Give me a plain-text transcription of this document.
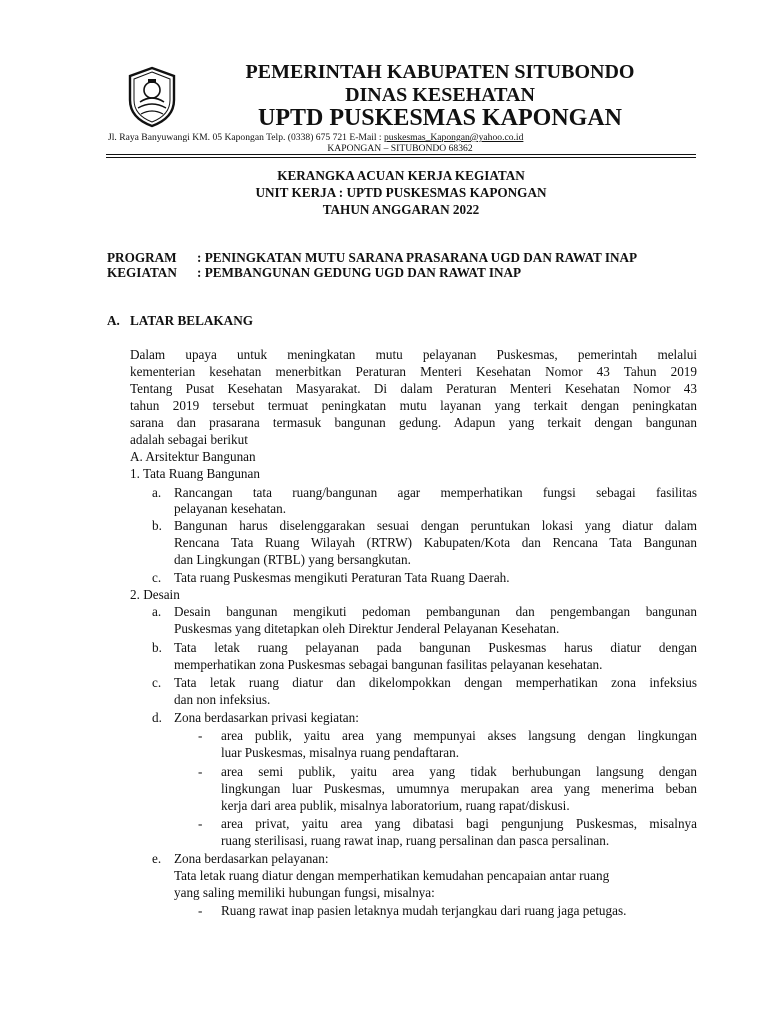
PEMERINTAH KABUPATEN SITUBONDO
DINAS KESEHATAN
UPTD PUSKESMAS KAPONGAN
Jl. Raya Banyuwangi KM. 05 Kapongan Telp. (0338) 675 721 E-Mail : puskesmas_Kapongan@yahoo.co.id
KAPONGAN – SITUBONDO 68362
KERANGKA ACUAN KERJA KEGIATAN
UNIT KERJA : UPTD PUSKESMAS KAPONGAN
TAHUN ANGGARAN 2022
PROGRAM : PENINGKATAN MUTU SARANA PRASARANA UGD DAN RAWAT INAP
KEGIATAN : PEMBANGUNAN GEDUNG UGD DAN RAWAT INAP
A. LATAR BELAKANG
Dalam upaya untuk meningkatan mutu pelayanan Puskesmas, pemerintah melalui
kementerian kesehatan menerbitkan Peraturan Menteri Kesehatan Nomor 43 Tahun 2019
Tentang Pusat Kesehatan Masyarakat. Di dalam Peraturan Menteri Kesehatan Nomor 43
tahun 2019 tersebut termuat peningkatan mutu layanan yang terkait dengan peningkatan
sarana dan prasarana termasuk bangunan gedung. Adapun yang terkait dengan bangunan
adalah sebagai berikut
A. Arsitektur Bangunan
1. Tata Ruang Bangunan
a. Rancangan tata ruang/bangunan agar memperhatikan fungsi sebagai fasilitas
pelayanan kesehatan.
b. Bangunan harus diselenggarakan sesuai dengan peruntukan lokasi yang diatur dalam
Rencana Tata Ruang Wilayah (RTRW) Kabupaten/Kota dan Rencana Tata Bangunan
dan Lingkungan (RTBL) yang bersangkutan.
c. Tata ruang Puskesmas mengikuti Peraturan Tata Ruang Daerah.
2. Desain
a. Desain bangunan mengikuti pedoman pembangunan dan pengembangan bangunan
Puskesmas yang ditetapkan oleh Direktur Jenderal Pelayanan Kesehatan.
b. Tata letak ruang pelayanan pada bangunan Puskesmas harus diatur dengan
memperhatikan zona Puskesmas sebagai bangunan fasilitas pelayanan kesehatan.
c. Tata letak ruang diatur dan dikelompokkan dengan memperhatikan zona infeksius
dan non infeksius.
d. Zona berdasarkan privasi kegiatan:
- area publik, yaitu area yang mempunyai akses langsung dengan lingkungan
luar Puskesmas, misalnya ruang pendaftaran.
- area semi publik, yaitu area yang tidak berhubungan langsung dengan
lingkungan luar Puskesmas, umumnya merupakan area yang menerima beban
kerja dari area publik, misalnya laboratorium, ruang rapat/diskusi.
- area privat, yaitu area yang dibatasi bagi pengunjung Puskesmas, misalnya
ruang sterilisasi, ruang rawat inap, ruang persalinan dan pasca persalinan.
e. Zona berdasarkan pelayanan:
Tata letak ruang diatur dengan memperhatikan kemudahan pencapaian antar ruang
yang saling memiliki hubungan fungsi, misalnya:
- Ruang rawat inap pasien letaknya mudah terjangkau dari ruang jaga petugas.
